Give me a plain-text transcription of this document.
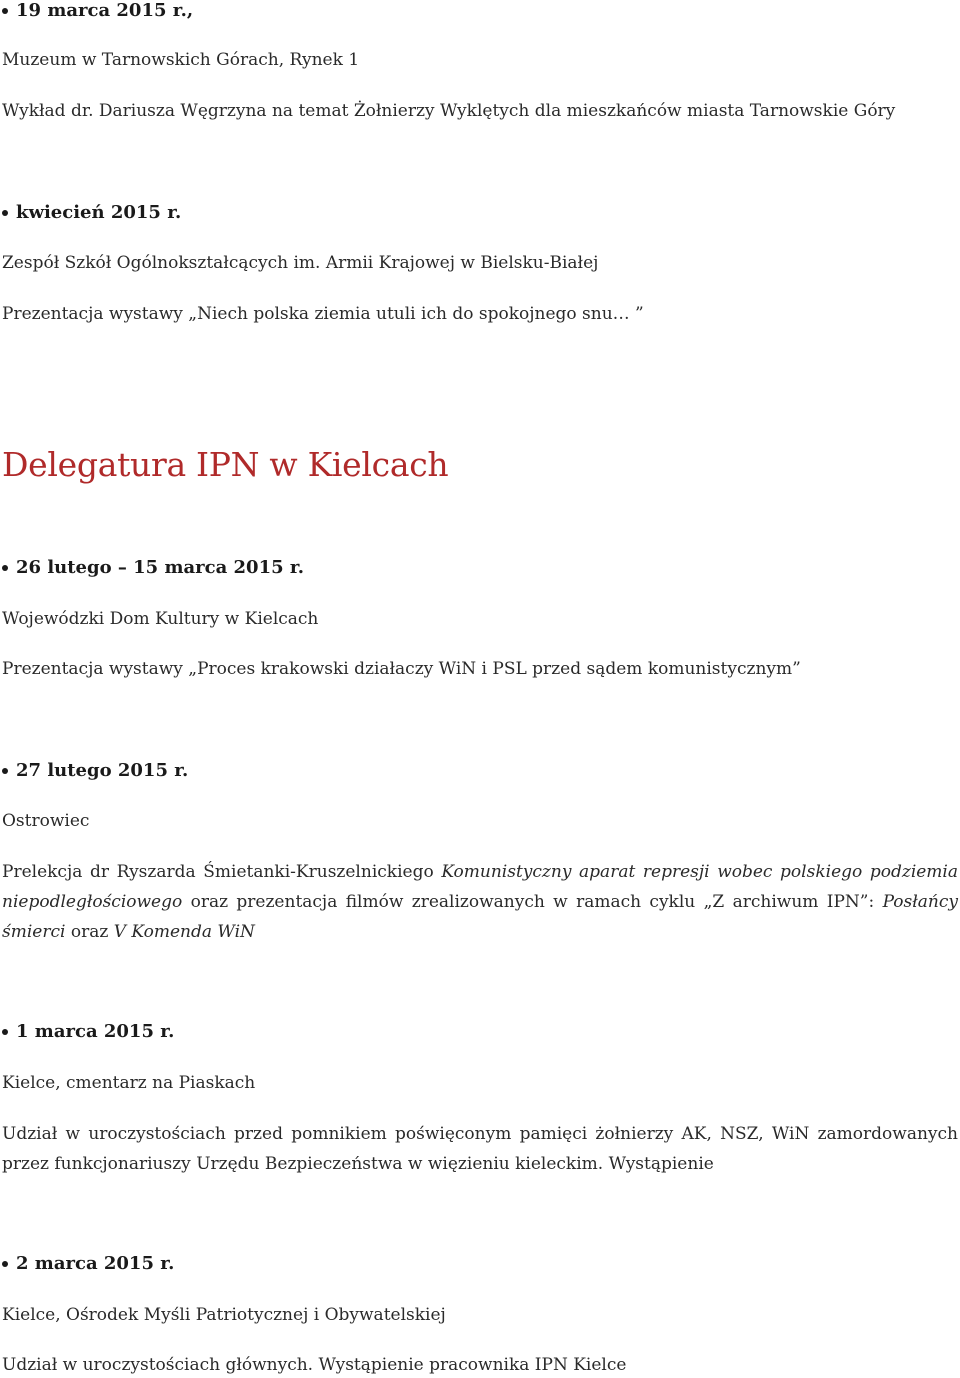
19 marca 2015 r.,
Muzeum w Tarnowskich Górach, Rynek 1
Wykład dr. Dariusza Węgrzyna na temat Żołnierzy Wyklętych dla mieszkańców miasta Tarnowskie Góry
kwiecień 2015 r.
Zespół Szkół Ogólnokształcących im. Armii Krajowej w Bielsku-Białej
Prezentacja wystawy „Niech polska ziemia utuli ich do spokojnego snu… ”
Delegatura IPN w Kielcach
26 lutego – 15 marca 2015 r.
Wojewódzki Dom Kultury w Kielcach
Prezentacja wystawy „Proces krakowski działaczy WiN i PSL przed sądem komunistycznym”
27 lutego 2015 r.
Ostrowiec
Prelekcja dr Ryszarda Śmietanki-Kruszelnickiego Komunistyczny aparat represji wobec polskiego podziemia niepodległościowego oraz prezentacja filmów zrealizowanych w ramach cyklu „Z archiwum IPN”: Posłańcy śmierci oraz V Komenda WiN
1 marca 2015 r.
Kielce, cmentarz na Piaskach
Udział w uroczystościach przed pomnikiem poświęconym pamięci żołnierzy AK, NSZ, WiN zamordowanych przez funkcjonariuszy Urzędu Bezpieczeństwa w więzieniu kieleckim. Wystąpienie
2 marca 2015 r.
Kielce, Ośrodek Myśli Patriotycznej i Obywatelskiej
Udział w uroczystościach głównych. Wystąpienie pracownika IPN Kielce
